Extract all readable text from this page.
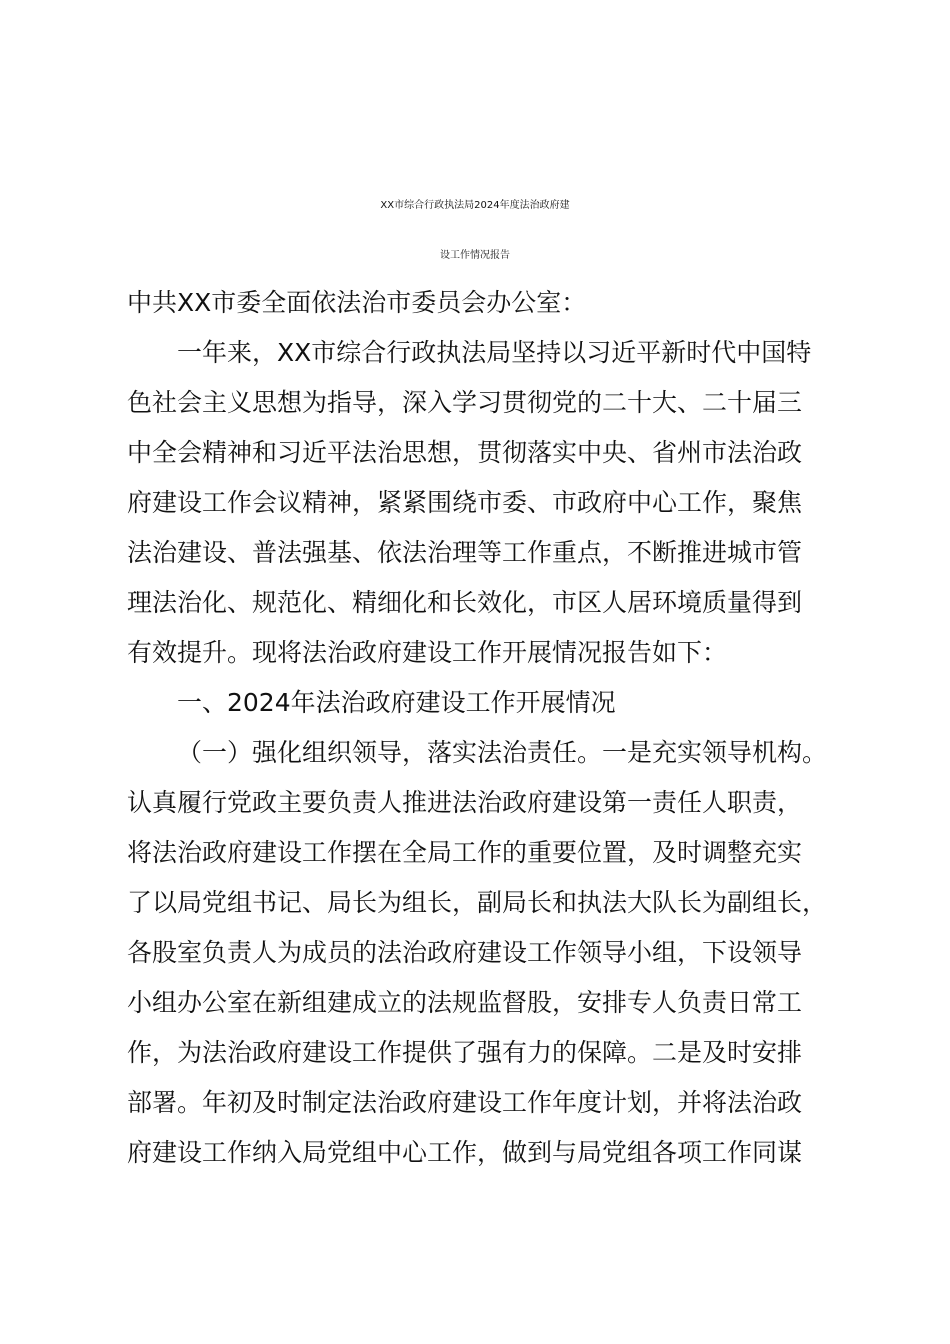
XX市综合行政执法局2024年度法治政府建
设工作情况报告
中共XX市委全面依法治市委员会办公室：
一年来，XX市综合行政执法局坚持以习近平新时代中国特
色社会主义思想为指导，深入学习贯彻党的二十大、二十届三
中全会精神和习近平法治思想，贯彻落实中央、省州市法治政
府建设工作会议精神，紧紧围绕市委、市政府中心工作，聚焦
法治建设、普法强基、依法治理等工作重点，不断推进城市管
理法治化、规范化、精细化和长效化，市区人居环境质量得到
有效提升。现将法治政府建设工作开展情况报告如下：
一、2024年法治政府建设工作开展情况
（一）强化组织领导，落实法治责任。一是充实领导机构。
认真履行党政主要负责人推进法治政府建设第一责任人职责，
将法治政府建设工作摆在全局工作的重要位置，及时调整充实
了以局党组书记、局长为组长，副局长和执法大队长为副组长，
各股室负责人为成员的法治政府建设工作领导小组，下设领导
小组办公室在新组建成立的法规监督股，安排专人负责日常工
作，为法治政府建设工作提供了强有力的保障。二是及时安排
部署。年初及时制定法治政府建设工作年度计划，并将法治政
府建设工作纳入局党组中心工作，做到与局党组各项工作同谋
